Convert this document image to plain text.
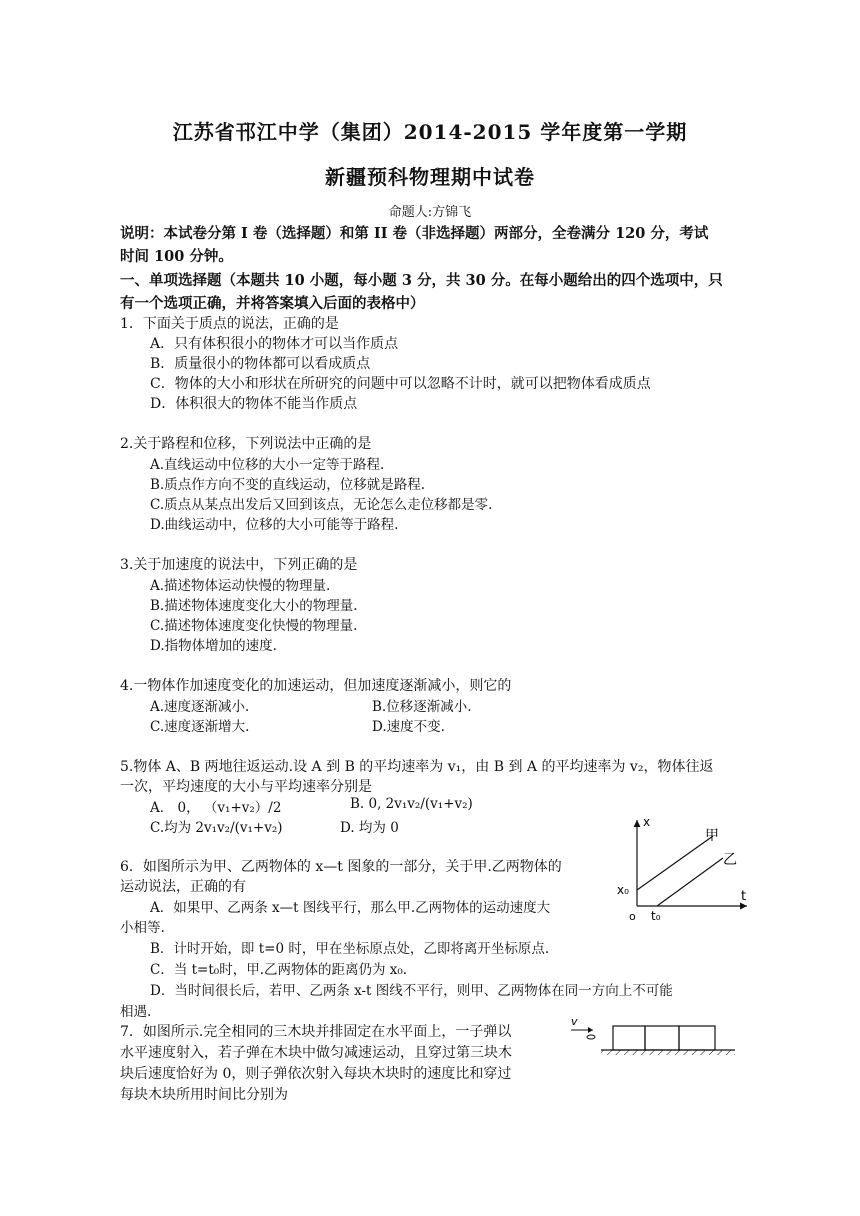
江苏省邗江中学（集团）2014-2015 学年度第一学期
新疆预科物理期中试卷
命题人:方锦飞
说明：本试卷分第 I 卷（选择题）和第 II 卷（非选择题）两部分，全卷满分 120 分，考试
时间 100 分钟。
一、单项选择题（本题共 10 小题，每小题 3 分，共 30 分。在每小题给出的四个选项中，只
有一个选项正确，并将答案填入后面的表格中）
1．下面关于质点的说法，正确的是
A．只有体积很小的物体才可以当作质点
B．质量很小的物体都可以看成质点
C．物体的大小和形状在所研究的问题中可以忽略不计时，就可以把物体看成质点
D．体积很大的物体不能当作质点
2.关于路程和位移，下列说法中正确的是
A.直线运动中位移的大小一定等于路程.
B.质点作方向不变的直线运动，位移就是路程.
C.质点从某点出发后又回到该点，无论怎么走位移都是零.
D.曲线运动中，位移的大小可能等于路程.
3.关于加速度的说法中，下列正确的是
A.描述物体运动快慢的物理量.
B.描述物体速度变化大小的物理量.
C.描述物体速度变化快慢的物理量.
D.指物体增加的速度.
4.一物体作加速度变化的加速运动，但加速度逐渐减小，则它的
A.速度逐渐减小.	B.位移逐渐减小.
C.速度逐渐增大.	D.速度不变.
5.物体 A、B 两地往返运动.设 A 到 B 的平均速率为 v₁，由 B 到 A 的平均速率为 v₂，物体往返
一次，平均速度的大小与平均速率分别是
A． 0， （v₁+v₂）/2	B. 0, 2v₁v₂/(v₁+v₂)
C.均为 2v₁v₂/(v₁+v₂)	D. 均为 0
6．如图所示为甲、乙两物体的 x—t 图象的一部分，关于甲.乙两物体的
运动说法，正确的有
A．如果甲、乙两条 x—t 图线平行，那么甲.乙两物体的运动速度大
小相等.
B．计时开始，即 t=0 时，甲在坐标原点处，乙即将离开坐标原点.
C．当 t=t₀时，甲.乙两物体的距离仍为 x₀.
D．当时间很长后，若甲、乙两条 x-t 图线不平行，则甲、乙两物体在同一方向上不可能
相遇.
7．如图所示.完全相同的三木块并排固定在水平面上，一子弹以
水平速度射入，若子弹在木块中做匀减速运动，且穿过第三块木
块后速度恰好为 0，则子弹依次射入每块木块时的速度比和穿过
每块木块所用时间比分别为
x
t
o
x₀
t₀
甲
乙
v
